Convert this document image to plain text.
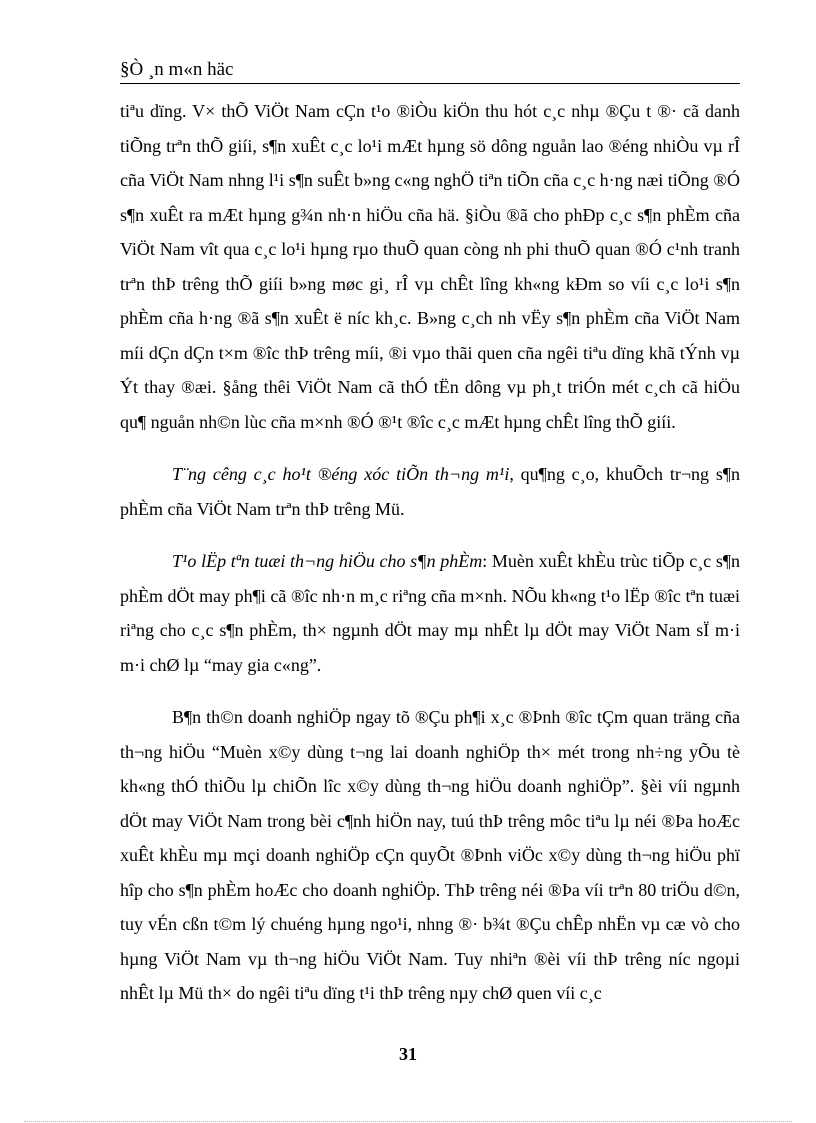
§Ò ¸n m«n häc

tiªu dïng. V× thÕ ViÖt Nam cÇn t¹o ®iÒu kiÖn thu hót c¸c nhµ ®Çu t ®· cã danh tiÕng trªn thÕ giíi, s¶n xuÊt c¸c lo¹i mÆt hµng sö dông nguån lao ®éng nhiÒu vµ rÎ cña ViÖt Nam nhng l¹i s¶n suÊt b»ng c«ng nghÖ tiªn tiÕn cña c¸c h·ng næi tiÕng ®Ó s¶n xuÊt ra mÆt hµng g¾n nh·n hiÖu cña hä. §iÒu ®ã cho phÐp c¸c s¶n phÈm cña ViÖt Nam vît qua c¸c lo¹i hµng rµo thuÕ quan còng nh phi thuÕ quan ®Ó c¹nh tranh trªn thÞ trêng thÕ giíi b»ng møc gi¸ rÎ vµ chÊt lîng kh«ng kÐm so víi c¸c lo¹i s¶n phÈm cña h·ng ®ã s¶n xuÊt ë níc kh¸c. B»ng c¸ch nh vËy s¶n phÈm cña ViÖt Nam míi dÇn dÇn t×m ®îc thÞ trêng míi, ®i vµo thãi quen cña ngêi tiªu dïng khã tÝnh vµ Ýt thay ®æi. §ång thêi ViÖt Nam cã thÓ tËn dông vµ ph¸t triÓn mét c¸ch cã hiÖu qu¶ nguån nh©n lùc cña m×nh ®Ó ®¹t ®îc c¸c mÆt hµng chÊt lîng thÕ giíi.

T¨ng cêng c¸c ho¹t ®éng xóc tiÕn th¬ng m¹i, qu¶ng c¸o, khuÕch tr¬ng s¶n phÈm cña ViÖt Nam trªn thÞ trêng Mü.

T¹o lËp tªn tuæi th¬ng hiÖu cho s¶n phÈm: Muèn xuÊt khÈu trùc tiÕp c¸c s¶n phÈm dÖt may ph¶i cã ®îc nh·n m¸c riªng cña m×nh. NÕu kh«ng t¹o lËp ®îc tªn tuæi riªng cho c¸c s¶n phÈm, th× ngµnh dÖt may mµ nhÊt lµ dÖt may ViÖt Nam sÏ m·i m·i chØ lµ “may gia c«ng”.

B¶n th©n doanh nghiÖp ngay tõ ®Çu ph¶i x¸c ®Þnh ®îc tÇm quan träng cña th¬ng hiÖu “Muèn x©y dùng t¬ng lai doanh nghiÖp th× mét trong nh÷ng yÕu tè kh«ng thÓ thiÕu lµ chiÕn lîc x©y dùng th¬ng hiÖu doanh nghiÖp”. §èi víi ngµnh dÖt may ViÖt Nam trong bèi c¶nh hiÖn nay, tuú thÞ trêng môc tiªu lµ néi ®Þa hoÆc xuÊt khÈu mµ mçi doanh nghiÖp cÇn quyÕt ®Þnh viÖc x©y dùng th¬ng hiÖu phï hîp cho s¶n phÈm hoÆc cho doanh nghiÖp. ThÞ trêng néi ®Þa víi trªn 80 triÖu d©n, tuy vÉn cßn t©m lý chuéng hµng ngo¹i, nhng ®· b¾t ®Çu chÊp nhËn vµ cæ vò cho hµng ViÖt Nam vµ th¬ng hiÖu ViÖt Nam. Tuy nhiªn ®èi víi thÞ trêng níc ngoµi nhÊt lµ Mü th× do ngêi tiªu dïng t¹i thÞ trêng nµy chØ quen víi c¸c

31
